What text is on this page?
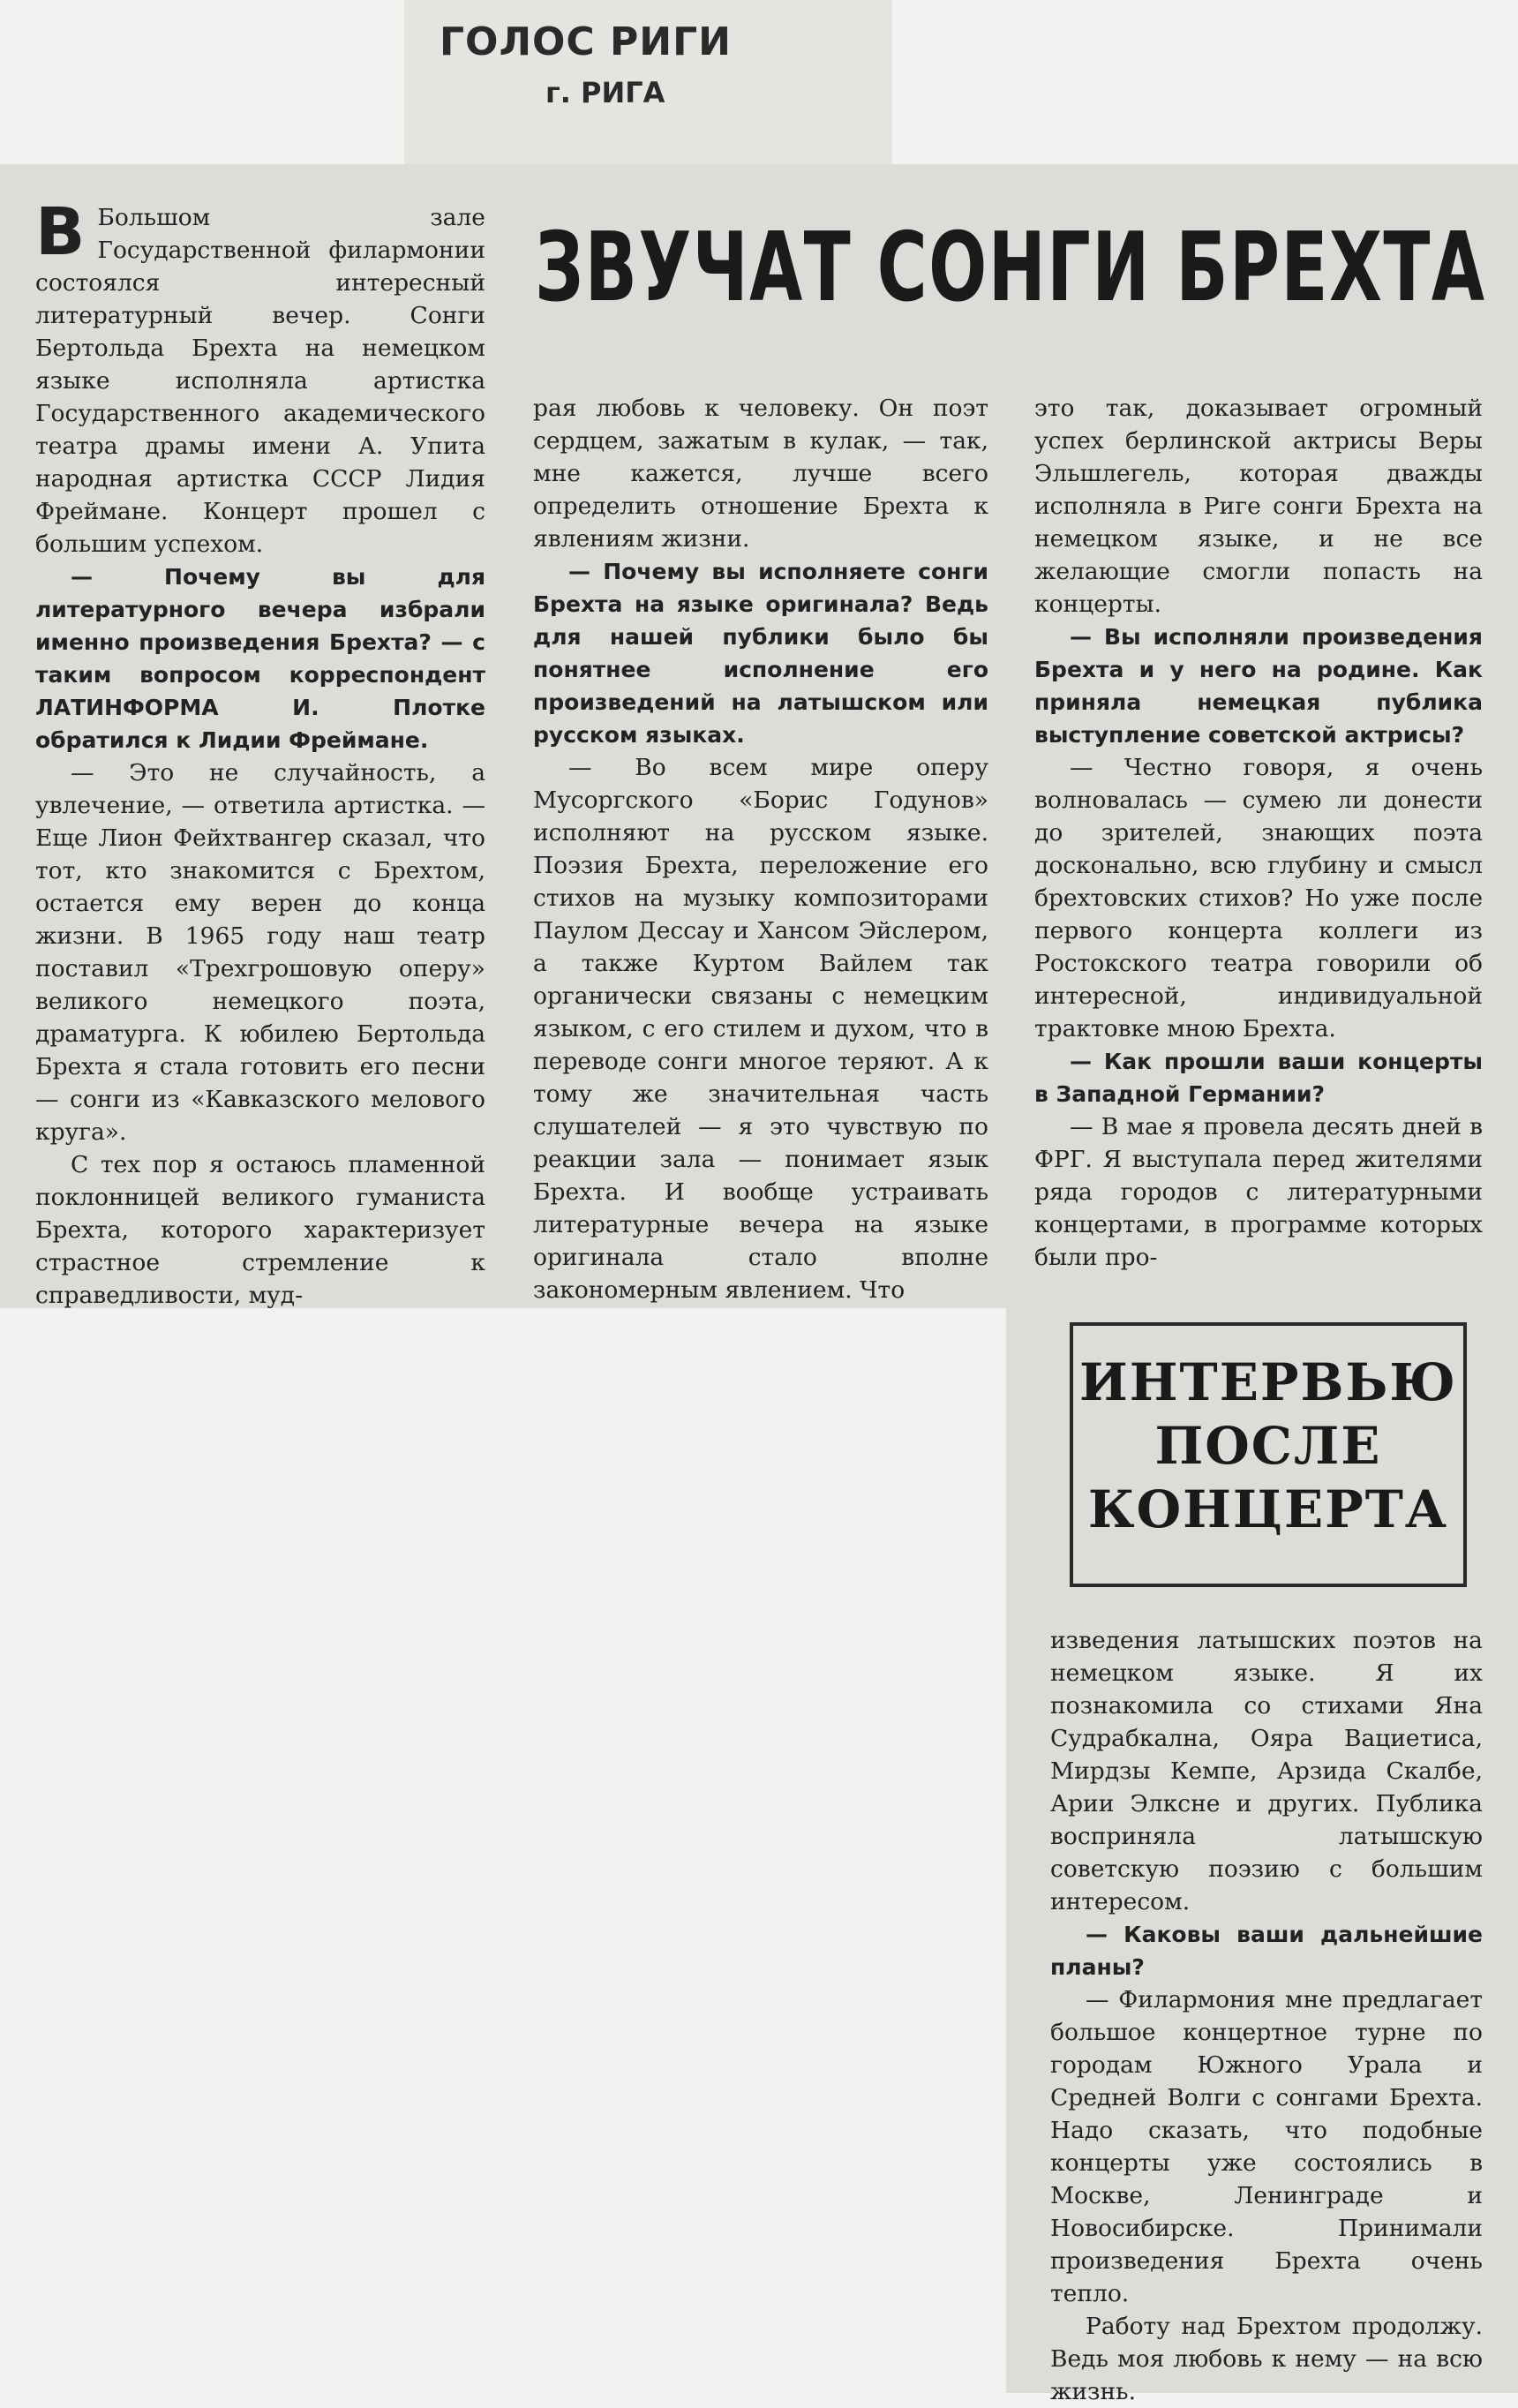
ГОЛОС РИГИ
г. РИГА
ЗВУЧАТ СОНГИ БРЕХТА
В Большом зале Государственной филармонии состоялся интересный литературный вечер. Сонги Бертольда Брехта на немецком языке исполняла артистка Государственного академического театра драмы имени А. Упита народная артистка СССР Лидия Фреймане. Концерт прошел с большим успехом.

— Почему вы для литературного вечера избрали именно произведения Брехта? — с таким вопросом корреспондент ЛАТИНФОРМА И. Плотке обратился к Лидии Фреймане.

— Это не случайность, а увлечение, — ответила артистка. — Еще Лион Фейхтвангер сказал, что тот, кто знакомится с Брехтом, остается ему верен до конца жизни. В 1965 году наш театр поставил «Трехгрошовую оперу» великого немецкого поэта, драматурга. К юбилею Бертольда Брехта я стала готовить его песни — сонги из «Кавказского мелового круга».

С тех пор я остаюсь пламенной поклонницей великого гуманиста Брехта, которого характеризует страстное стремление к справедливости, муд-

рая любовь к человеку. Он поэт сердцем, зажатым в кулак, — так, мне кажется, лучше всего определить отношение Брехта к явлениям жизни.

— Почему вы исполняете сонги Брехта на языке оригинала? Ведь для нашей публики было бы понятнее исполнение его произведений на латышском или русском языках.

— Во всем мире оперу Мусоргского «Борис Годунов» исполняют на русском языке. Поэзия Брехта, переложение его стихов на музыку композиторами Паулом Дессау и Хансом Эйслером, а также Куртом Вайлем так органически связаны с немецким языком, с его стилем и духом, что в переводе сонги многое теряют. А к тому же значительная часть слушателей — я это чувствую по реакции зала — понимает язык Брехта. И вообще устраивать литературные вечера на языке оригинала стало вполне закономерным явлением. Что

это так, доказывает огромный успех берлинской актрисы Веры Эльшлегель, которая дважды исполняла в Риге сонги Брехта на немецком языке, и не все желающие смогли попасть на концерты.

— Вы исполняли произведения Брехта и у него на родине. Как приняла немецкая публика выступление советской актрисы?

— Честно говоря, я очень волновалась — сумею ли донести до зрителей, знающих поэта досконально, всю глубину и смысл брехтовских стихов? Но уже после первого концерта коллеги из Ростокского театра говорили об интересной, индивидуальной трактовке мною Брехта.

— Как прошли ваши концерты в Западной Германии?

— В мае я провела десять дней в ФРГ. Я выступала перед жителями ряда городов с литературными концертами, в программе которых были про-

ИНТЕРВЬЮ ПОСЛЕ КОНЦЕРТА

изведения латышских поэтов на немецком языке. Я их познакомила со стихами Яна Судрабкална, Ояра Вациетиса, Мирдзы Кемпе, Арзида Скалбе, Арии Элксне и других. Публика восприняла латышскую советскую поэзию с большим интересом.

— Каковы ваши дальнейшие планы?

— Филармония мне предлагает большое концертное турне по городам Южного Урала и Средней Волги с сонгами Брехта. Надо сказать, что подобные концерты уже состоялись в Москве, Ленинграде и Новосибирске. Принимали произведения Брехта очень тепло.

Работу над Брехтом продолжу. Ведь моя любовь к нему — на всю жизнь.
